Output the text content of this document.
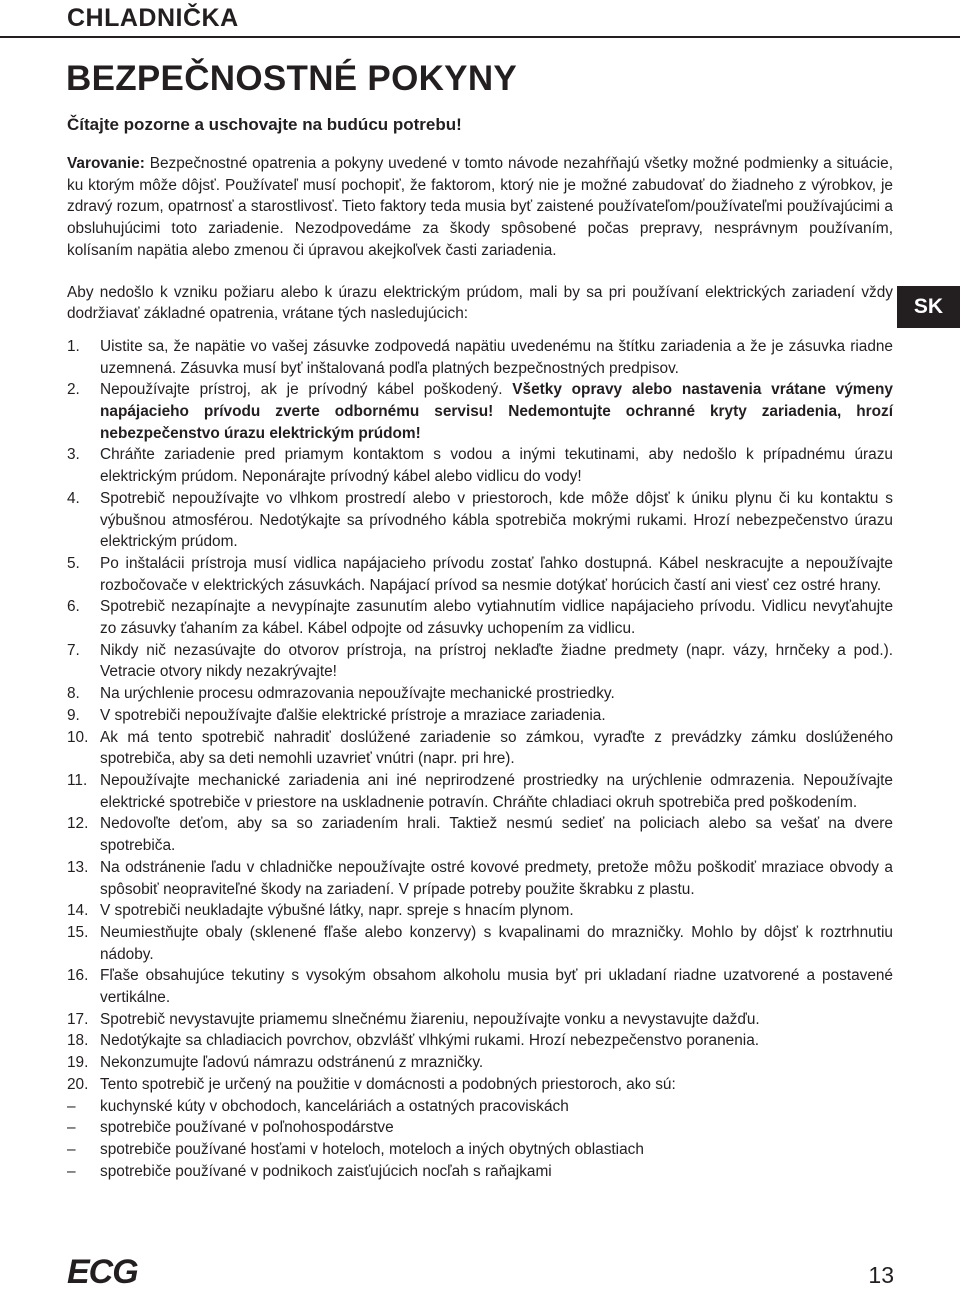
CHLADNIČKA
BEZPEČNOSTNÉ POKYNY
Čítajte pozorne a uschovajte na budúcu potrebu!

Varovanie: Bezpečnostné opatrenia a pokyny uvedené v tomto návode nezahŕňajú všetky možné podmienky a situácie, ku ktorým môže dôjsť. Používateľ musí pochopiť, že faktorom, ktorý nie je možné zabudovať do žiadneho z výrobkov, je zdravý rozum, opatrnosť a starostlivosť. Tieto faktory teda musia byť zaistené používateľom/používateľmi používajúcimi a obsluhujúcimi toto zariadenie. Nezodpovedáme za škody spôsobené počas prepravy, nesprávnym používaním, kolísaním napätia alebo zmenou či úpravou akejkoľvek časti zariadenia.

Aby nedošlo k vzniku požiaru alebo k úrazu elektrickým prúdom, mali by sa pri používaní elektrických zariadení vždy dodržiavať základné opatrenia, vrátane tých nasledujúcich:

1. Uistite sa, že napätie vo vašej zásuvke zodpovedá napätiu uvedenému na štítku zariadenia a že je zásuvka riadne uzemnená. Zásuvka musí byť inštalovaná podľa platných bezpečnostných predpisov.
2. Nepoužívajte prístroj, ak je prívodný kábel poškodený. Všetky opravy alebo nastavenia vrátane výmeny napájacieho prívodu zverte odbornému servisu! Nedemontujte ochranné kryty zariadenia, hrozí nebezpečenstvo úrazu elektrickým prúdom!
3. Chráňte zariadenie pred priamym kontaktom s vodou a inými tekutinami, aby nedošlo k prípadnému úrazu elektrickým prúdom. Neponárajte prívodný kábel alebo vidlicu do vody!
4. Spotrebič nepoužívajte vo vlhkom prostredí alebo v priestoroch, kde môže dôjsť k úniku plynu či ku kontaktu s výbušnou atmosférou. Nedotýkajte sa prívodného kábla spotrebiča mokrými rukami. Hrozí nebezpečenstvo úrazu elektrickým prúdom.
5. Po inštalácii prístroja musí vidlica napájacieho prívodu zostať ľahko dostupná. Kábel neskracujte a nepoužívajte rozbočovače v elektrických zásuvkách. Napájací prívod sa nesmie dotýkať horúcich častí ani viesť cez ostré hrany.
6. Spotrebič nezapínajte a nevypínajte zasunutím alebo vytiahnutím vidlice napájacieho prívodu. Vidlicu nevyťahujte zo zásuvky ťahaním za kábel. Kábel odpojte od zásuvky uchopením za vidlicu.
7. Nikdy nič nezasúvajte do otvorov prístroja, na prístroj neklaďte žiadne predmety (napr. vázy, hrnčeky a pod.). Vetracie otvory nikdy nezakrývajte!
8. Na urýchlenie procesu odmrazovania nepoužívajte mechanické prostriedky.
9. V spotrebiči nepoužívajte ďalšie elektrické prístroje a mraziace zariadenia.
10. Ak má tento spotrebič nahradiť doslúžené zariadenie so zámkou, vyraďte z prevádzky zámku doslúženého spotrebiča, aby sa deti nemohli uzavrieť vnútri (napr. pri hre).
11. Nepoužívajte mechanické zariadenia ani iné neprirodzené prostriedky na urýchlenie odmrazenia. Nepoužívajte elektrické spotrebiče v priestore na uskladnenie potravín. Chráňte chladiaci okruh spotrebiča pred poškodením.
12. Nedovoľte deťom, aby sa so zariadením hrali. Taktiež nesmú sedieť na policiach alebo sa vešať na dvere spotrebiča.
13. Na odstránenie ľadu v chladničke nepoužívajte ostré kovové predmety, pretože môžu poškodiť mraziace obvody a spôsobiť neopraviteľné škody na zariadení. V prípade potreby použite škrabku z plastu.
14. V spotrebiči neukladajte výbušné látky, napr. spreje s hnacím plynom.
15. Neumiestňujte obaly (sklenené fľaše alebo konzervy) s kvapalinami do mrazničky. Mohlo by dôjsť k roztrhnutiu nádoby.
16. Fľaše obsahujúce tekutiny s vysokým obsahom alkoholu musia byť pri ukladaní riadne uzatvorené a postavené vertikálne.
17. Spotrebič nevystavujte priamemu slnečnému žiareniu, nepoužívajte vonku a nevystavujte dažďu.
18. Nedotýkajte sa chladiacich povrchov, obzvlášť vlhkými rukami. Hrozí nebezpečenstvo poranenia.
19. Nekonzumujte ľadovú námrazu odstránenú z mrazničky.
20. Tento spotrebič je určený na použitie v domácnosti a podobných priestoroch, ako sú:
– kuchynské kúty v obchodoch, kanceláriách a ostatných pracoviskách
– spotrebiče používané v poľnohospodárstve
– spotrebiče používané hosťami v hoteloch, moteloch a iných obytných oblastiach
– spotrebiče používané v podnikoch zaisťujúcich nocľah s raňajkami
SK
ECG	13
